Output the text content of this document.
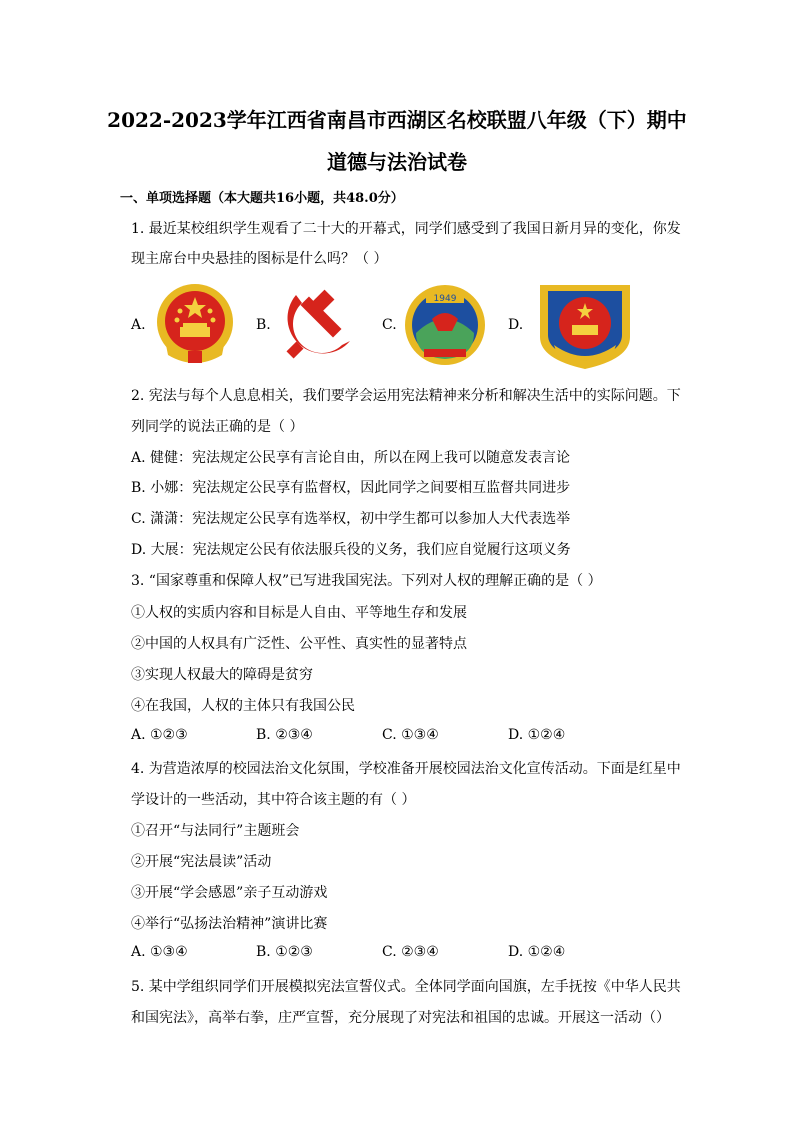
2022-2023学年江西省南昌市西湖区名校联盟八年级（下）期中
道德与法治试卷
一、单项选择题（本大题共16小题，共48.0分）
1. 最近某校组织学生观看了二十大的开幕式，同学们感受到了我国日新月异的变化，你发
现主席台中央悬挂的图标是什么吗？（ ）
A.	B.	C.
1949
D.
2. 宪法与每个人息息相关，我们要学会运用宪法精神来分析和解决生活中的实际问题。下
列同学的说法正确的是（ ）
A. 健健：宪法规定公民享有言论自由，所以在网上我可以随意发表言论
B. 小娜：宪法规定公民享有监督权，因此同学之间要相互监督共同进步
C. 潇潇：宪法规定公民享有选举权，初中学生都可以参加人大代表选举
D. 大展：宪法规定公民有依法服兵役的义务，我们应自觉履行这项义务
3. “国家尊重和保障人权”已写进我国宪法。下列对人权的理解正确的是（ ）
①人权的实质内容和目标是人自由、平等地生存和发展
②中国的人权具有广泛性、公平性、真实性的显著特点
③实现人权最大的障碍是贫穷
④在我国，人权的主体只有我国公民
A. ①②③	B. ②③④	C. ①③④	D. ①②④
4. 为营造浓厚的校园法治文化氛围，学校准备开展校园法治文化宣传活动。下面是红星中
学设计的一些活动，其中符合该主题的有（ ）
①召开“与法同行”主题班会
②开展“宪法晨读”活动
③开展“学会感恩”亲子互动游戏
④举行“弘扬法治精神”演讲比赛
A. ①③④	B. ①②③	C. ②③④	D. ①②④
5. 某中学组织同学们开展模拟宪法宣誓仪式。全体同学面向国旗，左手抚按《中华人民共
和国宪法》，高举右拳，庄严宣誓，充分展现了对宪法和祖国的忠诚。开展这一活动（）
